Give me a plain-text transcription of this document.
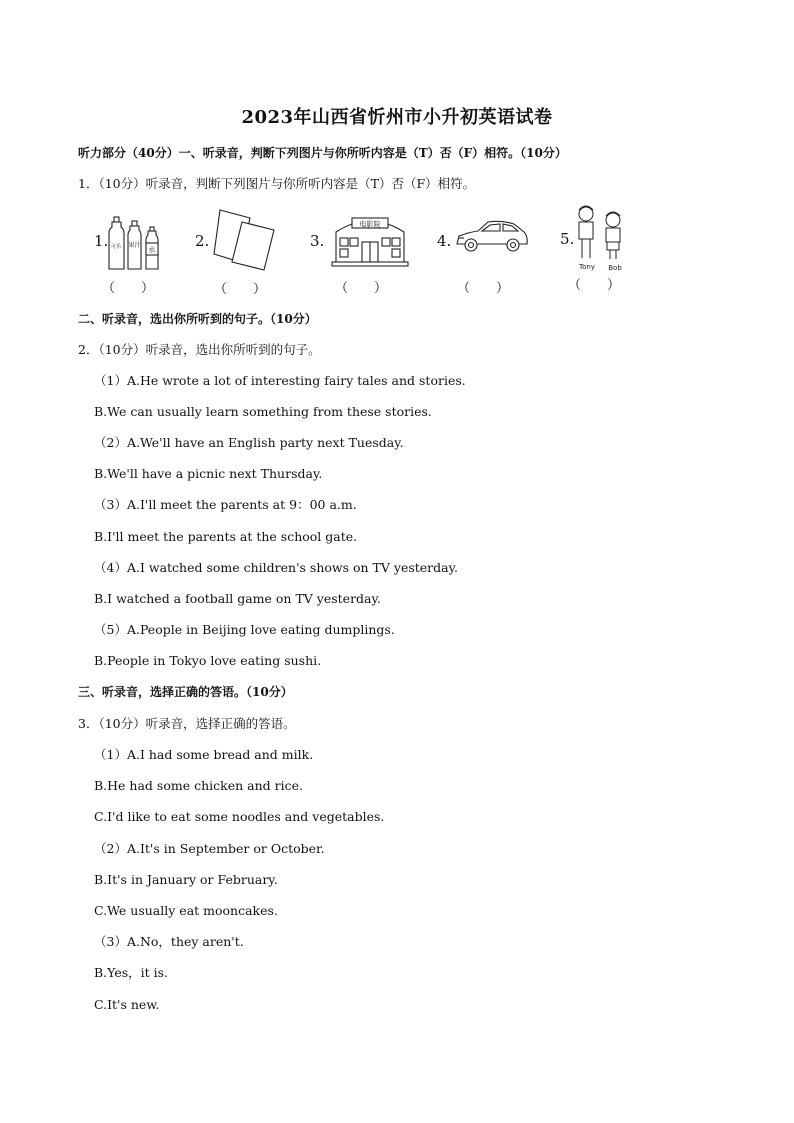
2023年山西省忻州市小升初英语试卷
听力部分（40分）一、听录音，判断下列图片与你所听内容是（T）否（F）相符。（10分）
1．（10分）听录音，判断下列图片与你所听内容是（T）否（F）相符。
1. 可乐 果汁
水	2.	3.
电影院
4.	5.
Tony Bob
（　　）	（　　）	（　　）	（　　）	（　　）
二、听录音，选出你所听到的句子。（10分）
2．（10分）听录音，选出你所听到的句子。
（1）A.He wrote a lot of interesting fairy tales and stories.
B.We can usually learn something from these stories.
（2）A.We'll have an English party next Tuesday.
B.We'll have a picnic next Thursday.
（3）A.I'll meet the parents at 9：00 a.m.
B.I'll meet the parents at the school gate.
（4）A.I watched some children's shows on TV yesterday.
B.I watched a football game on TV yesterday.
（5）A.People in Beijing love eating dumplings.
B.People in Tokyo love eating sushi.
三、听录音，选择正确的答语。（10分）
3．（10分）听录音，选择正确的答语。
（1）A.I had some bread and milk.
B.He had some chicken and rice.
C.I'd like to eat some noodles and vegetables.
（2）A.It's in September or October.
B.It's in January or February.
C.We usually eat mooncakes.
（3）A.No，they aren't.
B.Yes，it is.
C.It's new.
